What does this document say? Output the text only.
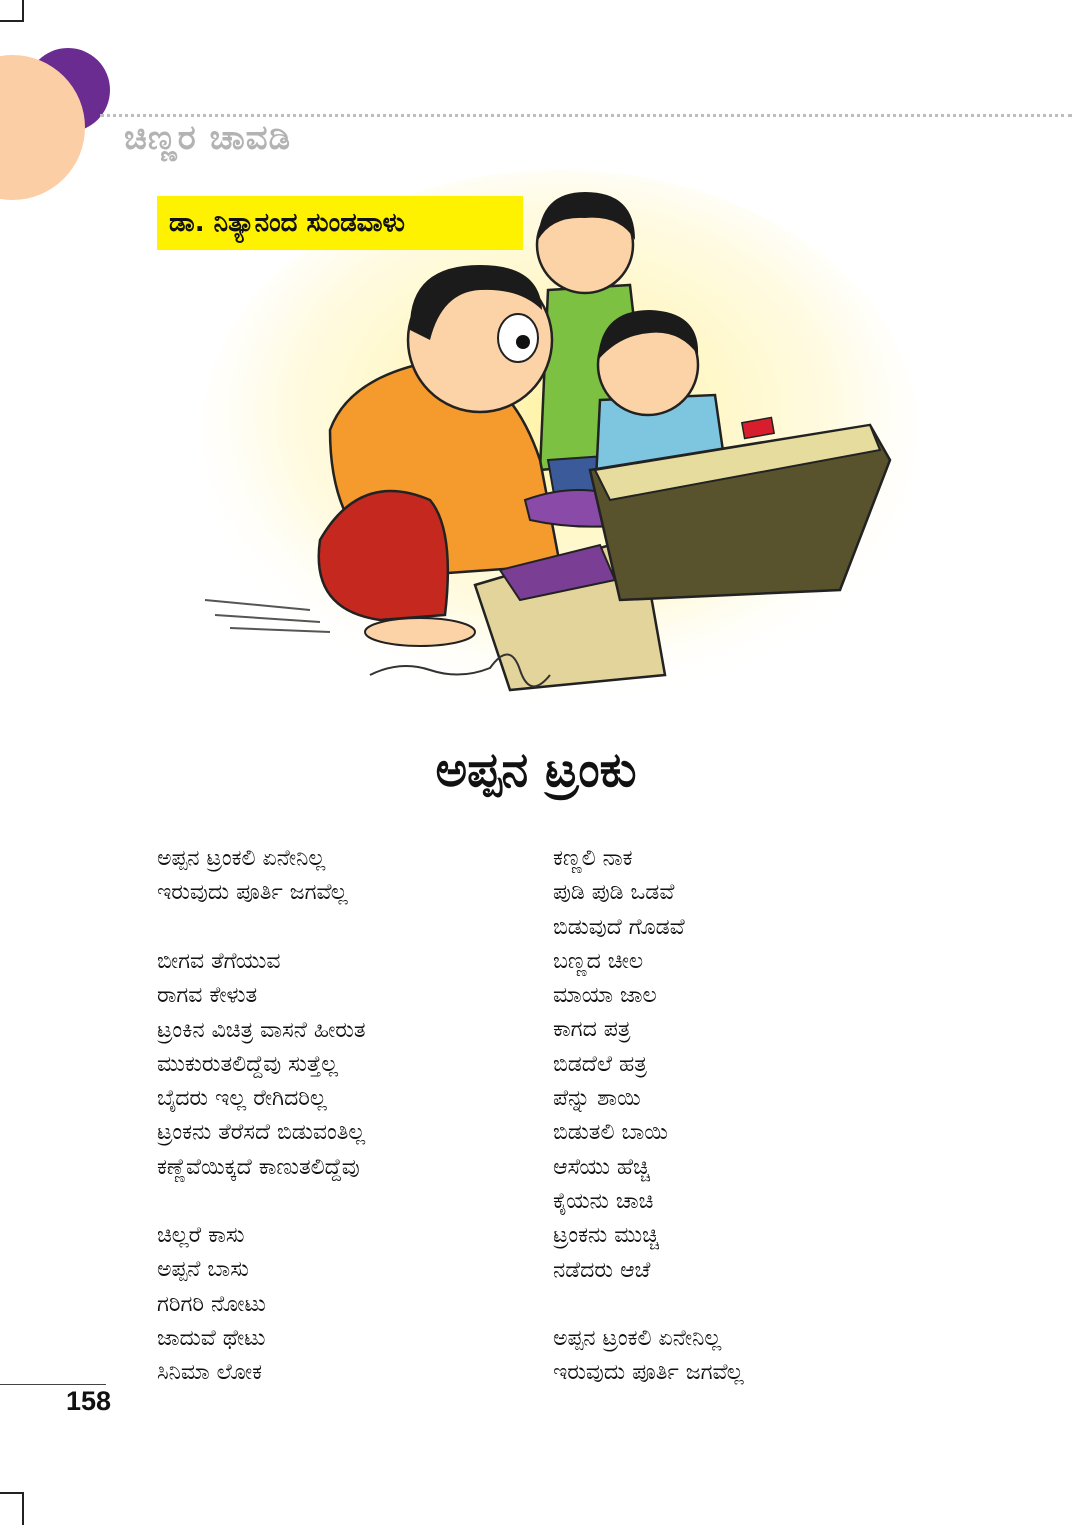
ಚಿಣ್ಣರ ಚಾವಡಿ
ಡಾ. ನಿತ್ಯಾನಂದ ಸುಂಡವಾಳು
ಅಪ್ಪನ ಟ್ರಂಕು
ಅಪ್ಪನ ಟ್ರಂಕಲಿ ಏನೇನಿಲ್ಲ
ಇರುವುದು ಪೂರ್ತಿ ಜಗವೆಲ್ಲ
ಬೀಗವ ತೆಗೆಯುವ
ರಾಗವ ಕೇಳುತ
ಟ್ರಂಕಿನ ವಿಚಿತ್ರ ವಾಸನೆ ಹೀರುತ
ಮುಕುರುತಲಿದ್ದೆವು ಸುತ್ತೆಲ್ಲ
ಬೈದರು ಇಲ್ಲ ರೇಗಿದರಿಲ್ಲ
ಟ್ರಂಕನು ತೆರೆಸದೆ ಬಿಡುವಂತಿಲ್ಲ
ಕಣ್ಣೆವೆಯಿಕ್ಕದೆ ಕಾಣುತಲಿದ್ದೆವು
ಚಿಲ್ಲರೆ ಕಾಸು
ಅಪ್ಪನೆ ಬಾಸು
ಗರಿಗರಿ ನೋಟು
ಜಾದುವೆ ಥೇಟು
ಸಿನಿಮಾ ಲೋಕ
ಕಣ್ಣಲಿ ನಾಕ
ಪುಡಿ ಪುಡಿ ಒಡವೆ
ಬಿಡುವುದೆ ಗೊಡವೆ
ಬಣ್ಣದ ಚೀಲ
ಮಾಯಾ ಜಾಲ
ಕಾಗದ ಪತ್ರ
ಬಿಡದೆಲೆ ಹತ್ರ
ಪೆನ್ನು ಶಾಯಿ
ಬಿಡುತಲಿ ಬಾಯಿ
ಆಸೆಯು ಹೆಚ್ಚಿ
ಕೈಯನು ಚಾಚಿ
ಟ್ರಂಕನು ಮುಚ್ಚಿ
ನಡೆದರು ಆಚೆ
ಅಪ್ಪನ ಟ್ರಂಕಲಿ ಏನೇನಿಲ್ಲ
ಇರುವುದು ಪೂರ್ತಿ ಜಗವೆಲ್ಲ
158
